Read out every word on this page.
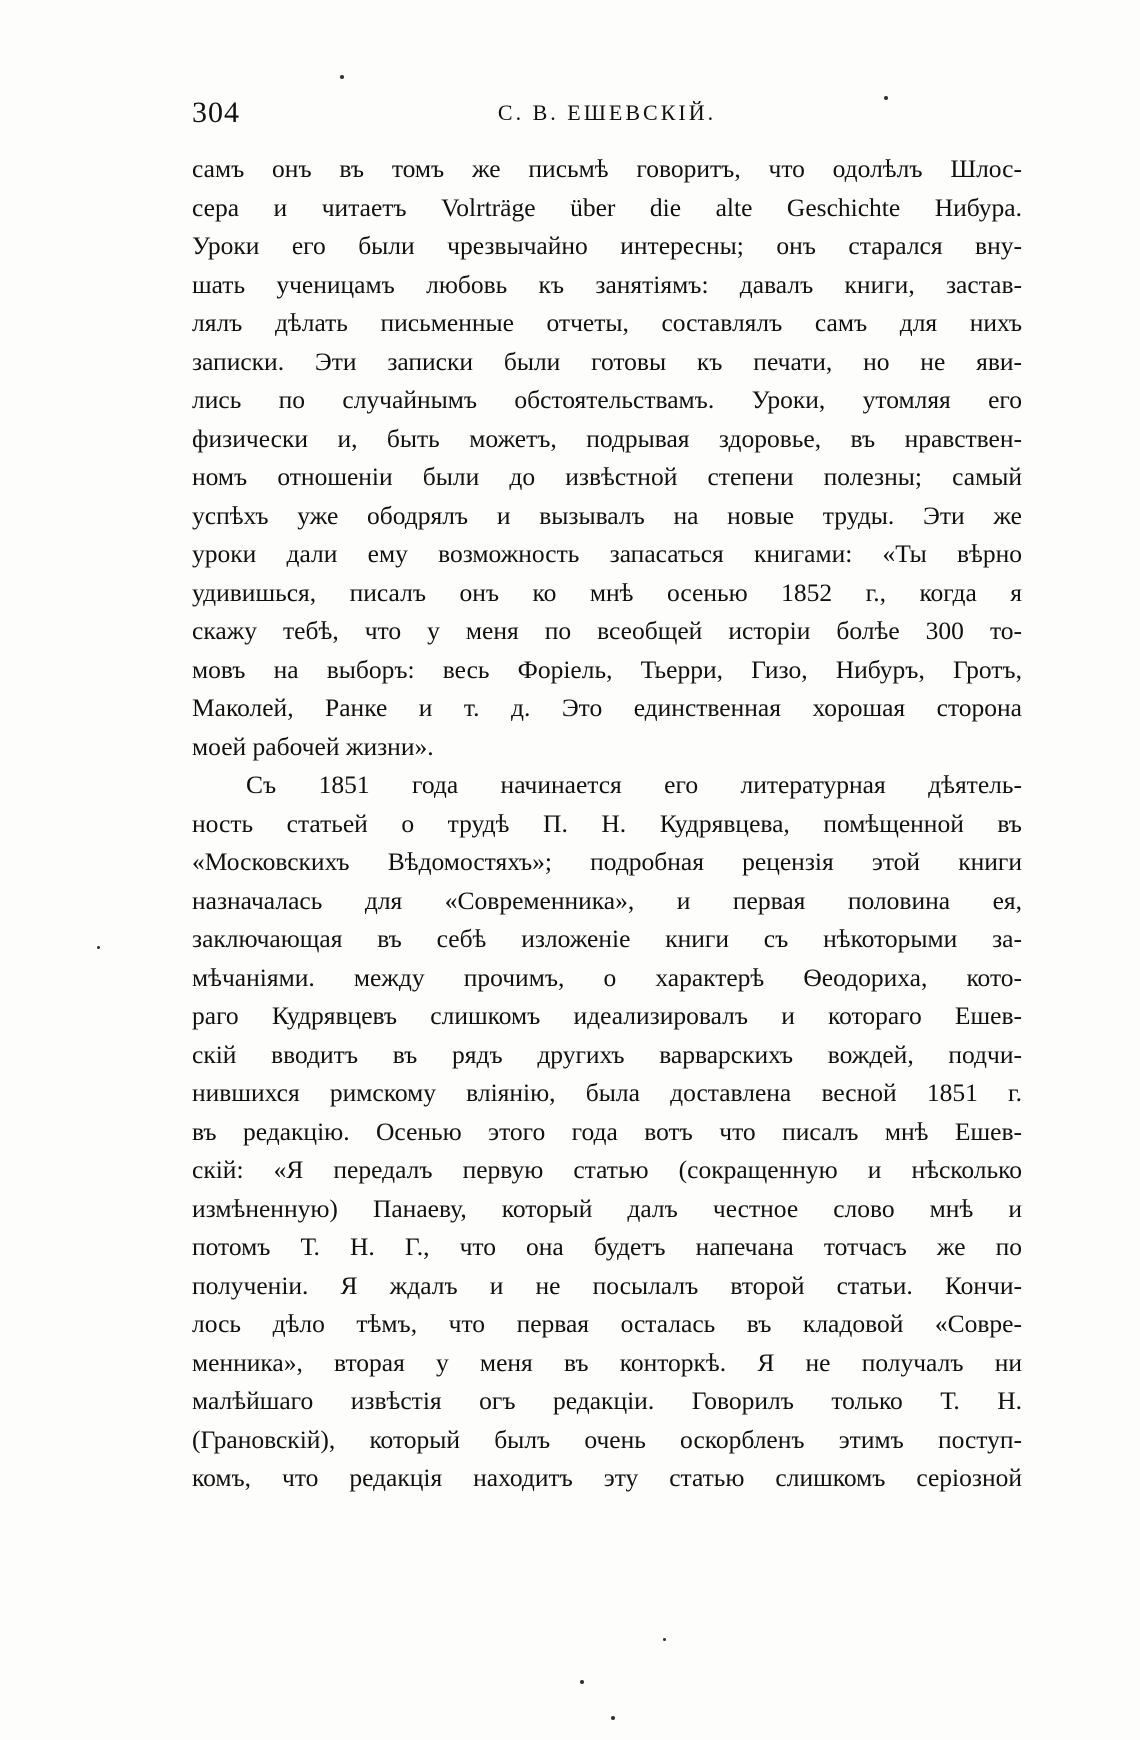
304	С. В. ЕШЕВСКІЙ.
самъ онъ въ томъ же письмѣ говоритъ, что одолѣлъ Шлос-
сера и читаетъ Volrträge über die alte Geschichte Нибура.
Уроки его были чрезвычайно интересны; онъ старался вну-
шать ученицамъ любовь къ занятіямъ: давалъ книги, застав-
лялъ дѣлать письменные отчеты, составлялъ самъ для нихъ
записки. Эти записки были готовы къ печати, но не яви-
лись по случайнымъ обстоятельствамъ. Уроки, утомляя его
физически и, быть можетъ, подрывая здоровье, въ нравствен-
номъ отношеніи были до извѣстной степени полезны; самый
успѣхъ уже ободрялъ и вызывалъ на новые труды. Эти же
уроки дали ему возможность запасаться книгами: «Ты вѣрно
удивишься, писалъ онъ ко мнѣ осенью 1852 г., когда я
скажу тебѣ, что у меня по всеобщей исторіи болѣе 300 то-
мовъ на выборъ: весь Форіель, Тьерри, Гизо, Нибуръ, Гротъ,
Маколей, Ранке и т. д. Это единственная хорошая сторона
моей рабочей жизни».
Съ 1851 года начинается его литературная дѣятель-
ность статьей о трудѣ П. Н. Кудрявцева, помѣщенной въ
«Московскихъ Вѣдомостяхъ»; подробная рецензія этой книги
назначалась для «Современника», и первая половина ея,
заключающая въ себѣ изложеніе книги съ нѣкоторыми за-
мѣчаніями. между прочимъ, о характерѣ Ѳеодориха, кото-
раго Кудрявцевъ слишкомъ идеализировалъ и котораго Ешев-
скій вводитъ въ рядъ другихъ варварскихъ вождей, подчи-
нившихся римскому вліянію, была доставлена весной 1851 г.
въ редакцію. Осенью этого года вотъ что писалъ мнѣ Ешев-
скій: «Я передалъ первую статью (сокращенную и нѣсколько
измѣненную) Панаеву, который далъ честное слово мнѣ и
потомъ Т. Н. Г., что она будетъ напечана тотчасъ же по
полученіи. Я ждалъ и не посылалъ второй статьи. Кончи-
лось дѣло тѣмъ, что первая осталась въ кладовой «Совре-
менника», вторая у меня въ конторкѣ. Я не получалъ ни
малѣйшаго извѣстія огъ редакціи. Говорилъ только Т. Н.
(Грановскій), который былъ очень оскорбленъ этимъ поступ-
комъ, что редакція находитъ эту статью слишкомъ серіозной
